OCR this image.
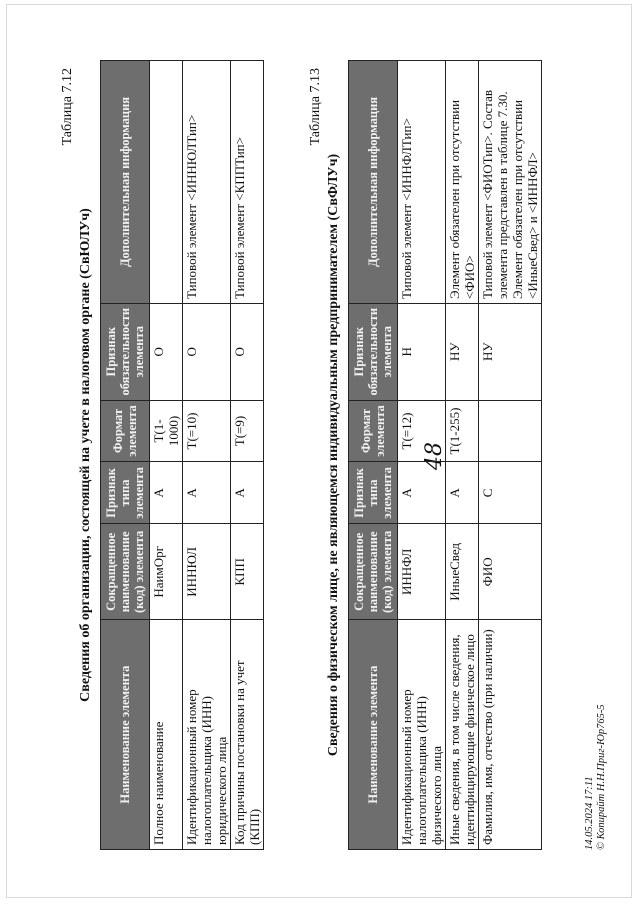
48
Таблица 7.12
Сведения об организации, состоящей на учете в налоговом органе (СвЮЛУч)
Наименование элемента	Сокращенное наименование (код) элемента	Признак типа элемента	Формат элемента	Признак обязательности элемента	Дополнительная информация
Полное наименование	НаимОрг	А	T(1-1000)	О	
Идентификационный номер налогоплательщика (ИНН) юридического лица	ИННЮЛ	А	T(=10)	О	Типовой элемент <ИННЮЛТип>
Код причины постановки на учет (КПП)	КПП	А	T(=9)	О	Типовой элемент <КППТип>
Таблица 7.13
Сведения о физическом лице, не являющемся индивидуальным предпринимателем (СвФЛУч) Наименование элемента	Сокращенное наименование (код) элемента	Признак типа элемента	Формат элемента	Признак обязательности элемента	Дополнительная информация
Идентификационный номер налогоплательщика (ИНН) физического лица	ИННФЛ	А	T(=12)	Н	Типовой элемент <ИННФЛТип>
Иные сведения, в том числе сведения, идентифицирующие физическое лицо	ИныеСвед	А	T(1-255)	НУ	Элемент обязателен при отсутствии <ФИО>
Фамилия, имя, отчество (при наличии)	ФИО	С		НУ	Типовой элемент <ФИОТип>. Состав элемента представлен в таблице 7.30. Элемент обязателен при отсутствии <ИныеСвед> и <ИННФЛ>
14.05.2024 17:11 © Копирайт Н.Н.Приг-Юр765-5
